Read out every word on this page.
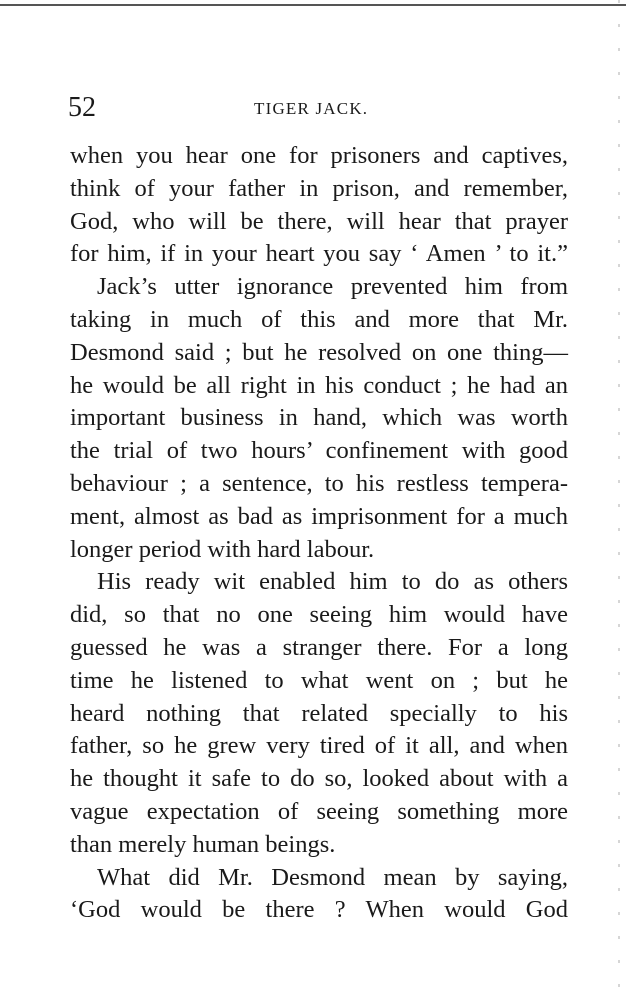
52	TIGER JACK.
when you hear one for prisoners and captives,
think of your father in prison, and remember,
God, who will be there, will hear that prayer
for him, if in your heart you say ‘ Amen ’ to it.”
Jack’s utter ignorance prevented him from
taking in much of this and more that Mr.
Desmond said ; but he resolved on one thing—
he would be all right in his conduct ; he had an
important business in hand, which was worth
the trial of two hours’ confinement with good
behaviour ; a sentence, to his restless tempera-
ment, almost as bad as imprisonment for a much
longer period with hard labour.
His ready wit enabled him to do as others
did, so that no one seeing him would have
guessed he was a stranger there. For a long
time he listened to what went on ; but he
heard nothing that related specially to his
father, so he grew very tired of it all, and when
he thought it safe to do so, looked about with a
vague expectation of seeing something more
than merely human beings.
What did Mr. Desmond mean by saying,
‘God would be there ? When would God
